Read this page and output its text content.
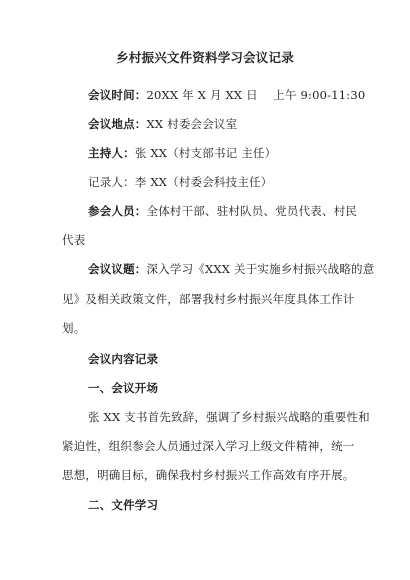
乡村振兴文件资料学习会议记录
会议时间：20XX 年 X 月 XX 日    上午 9:00-11:30
会议地点：XX 村委会会议室
主持人：张 XX（村支部书记 主任）
记录人：李 XX（村委会科技主任）
参会人员：全体村干部、驻村队员、党员代表、村民
代表
会议议题：深入学习《XXX 关于实施乡村振兴战略的意
见》及相关政策文件，部署我村乡村振兴年度具体工作计
划。
会议内容记录
一、会议开场
张 XX 支书首先致辞，强调了乡村振兴战略的重要性和
紧迫性，组织参会人员通过深入学习上级文件精神，统一
思想，明确目标，确保我村乡村振兴工作高效有序开展。
二、文件学习
